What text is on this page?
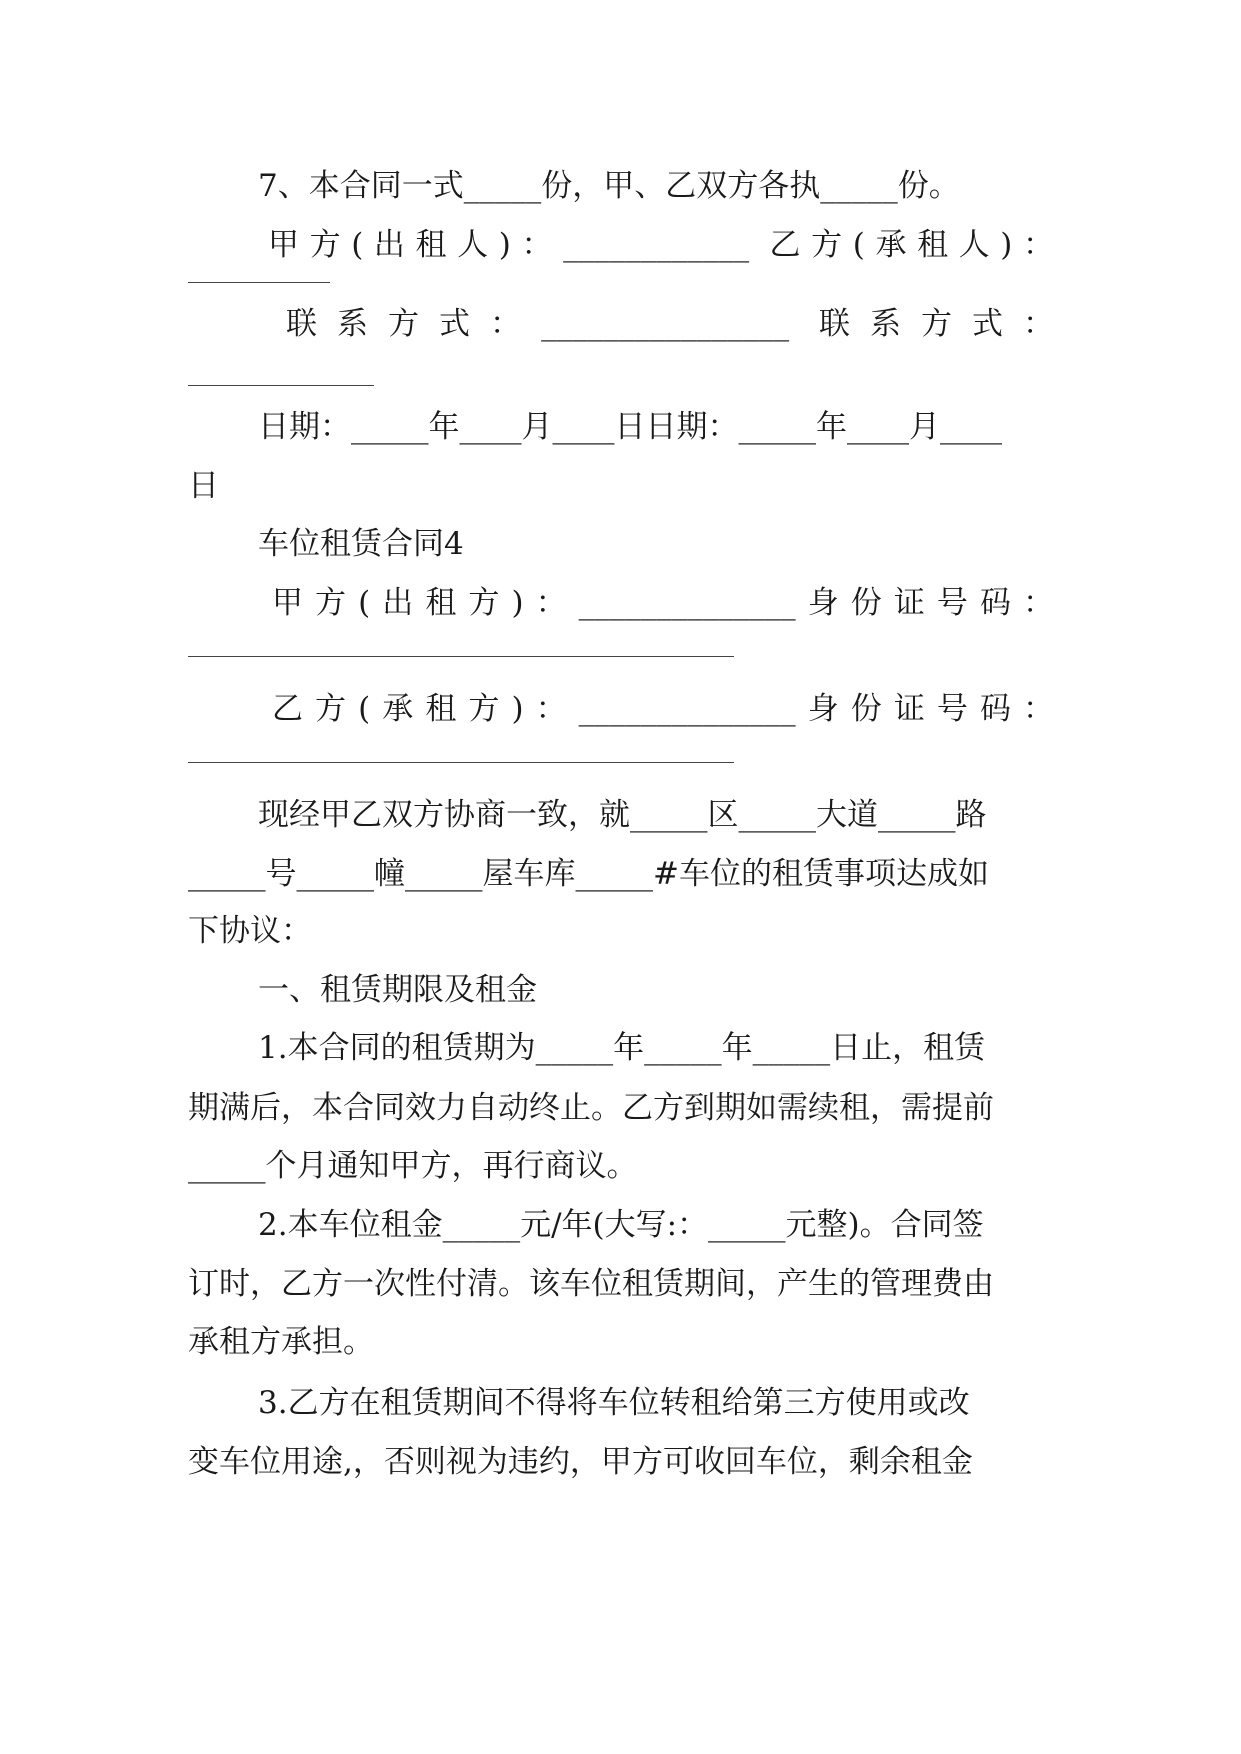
7、本合同一式_____份，甲、乙双方各执_____份。

甲方(出租人)：____________ 乙方(承租人)：

联系方式：________________ 联系方式：

日期：_____年____月____日日期：_____年____月____

日

车位租赁合同4

甲方(出租方)：______________身份证号码：

乙方(承租方)：______________身份证号码：

现经甲乙双方协商一致，就_____区_____大道_____路

_____号_____幢_____屋车库_____#车位的租赁事项达成如

下协议：

一、租赁期限及租金

1.本合同的租赁期为_____年_____年_____日止，租赁

期满后，本合同效力自动终止。乙方到期如需续租，需提前

_____个月通知甲方，再行商议。

2.本车位租金_____元/年(大写:：_____元整)。合同签

订时，乙方一次性付清。该车位租赁期间，产生的管理费由

承租方承担。

3.乙方在租赁期间不得将车位转租给第三方使用或改

变车位用途,，否则视为违约，甲方可收回车位，剩余租金
